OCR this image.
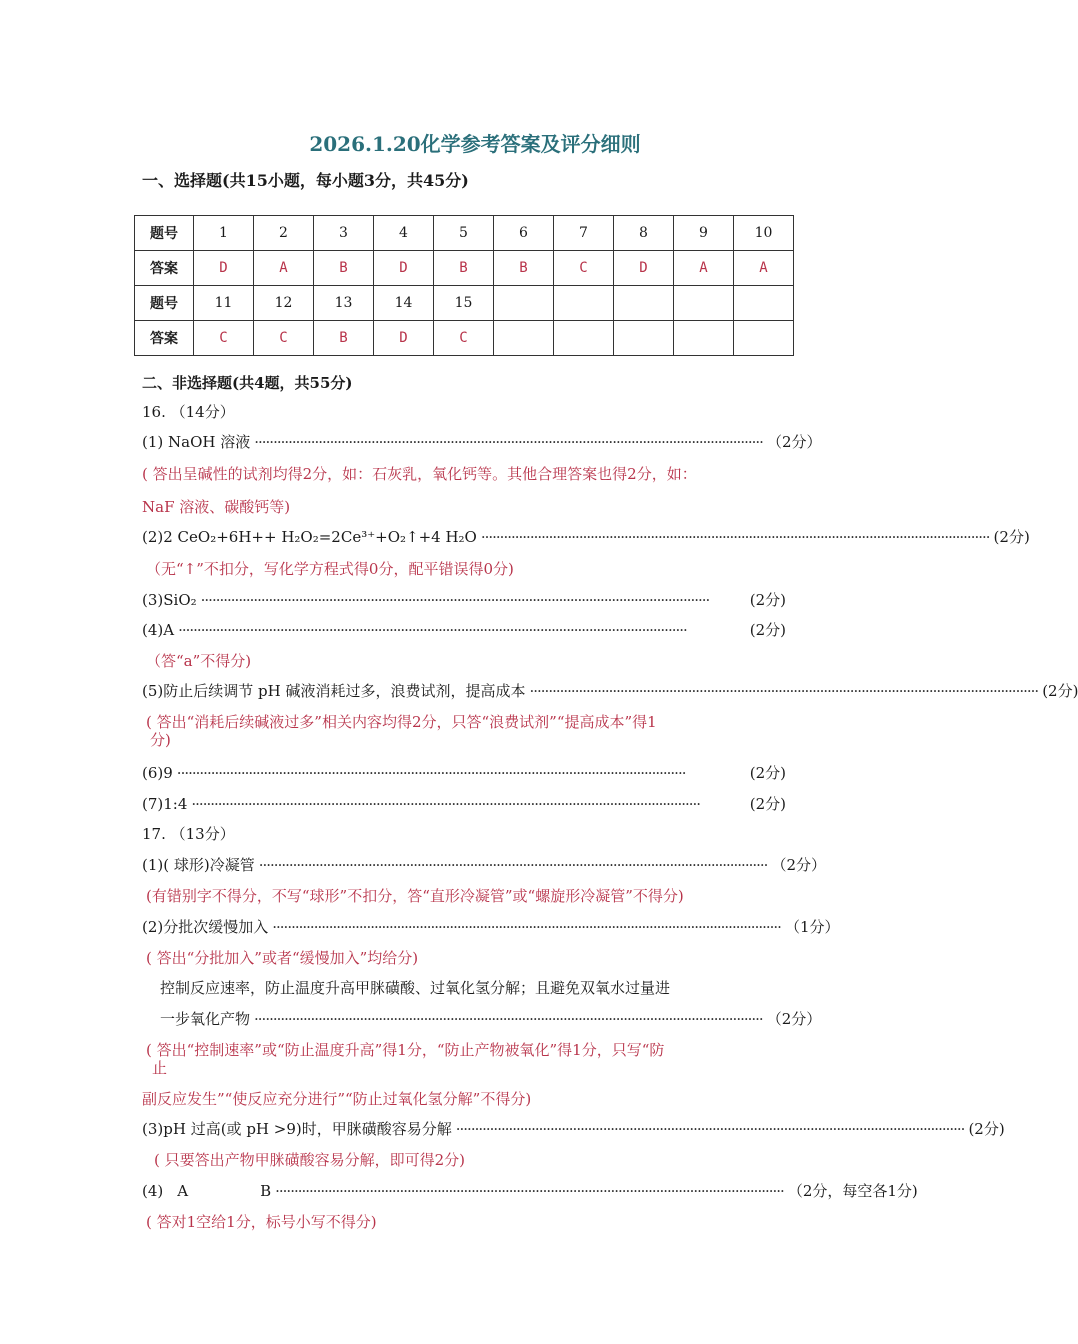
2026.1.20化学参考答案及评分细则
一、选择题(共15小题，每小题3分，共45分)
题号	1	2	3	4	5	6	7	8	9	10
答案	D	A	B	D	B	B	C	D	A	A
题号	11	12	13	14	15					
答案	C	C	B	D	C					
二、非选择题(共4题，共55分)
16. （14分）
(1) NaOH 溶液 ······································································································································· （2分）
( 答出呈碱性的试剂均得2分，如：石灰乳，氧化钙等。其他合理答案也得2分，如：
NaF 溶液、碳酸钙等)
(2)2 CeO₂+6H++ H₂O₂=2Ce³⁺+O₂↑+4 H₂O ······································································································································· (2分)
（无“↑”不扣分，写化学方程式得0分，配平错误得0分)
(3)SiO₂ ·······································································································································	(2分)
(4)A ·······································································································································	(2分)
（答“a”不得分)
(5)防止后续调节 pH 碱液消耗过多，浪费试剂，提高成本 ······································································································································· (2分)
( 答出“消耗后续碱液过多”相关内容均得2分，只答“浪费试剂”“提高成本”得1
分)
(6)9 ·······································································································································	(2分)
(7)1:4 ·······································································································································	(2分)
17. （13分）
(1)( 球形)冷凝管 ······································································································································· （2分）
(有错别字不得分，不写“球形”不扣分，答“直形冷凝管”或“螺旋形冷凝管”不得分)
(2)分批次缓慢加入 ······································································································································· （1分）
( 答出“分批加入”或者“缓慢加入”均给分)
控制反应速率，防止温度升高甲脒磺酸、过氧化氢分解；且避免双氧水过量进
一步氧化产物 ······································································································································· （2分）
( 答出“控制速率”或“防止温度升高”得1分，“防止产物被氧化”得1分，只写“防
止
副反应发生”“使反应充分进行”“防止过氧化氢分解”不得分)
(3)pH 过高(或 pH >9)时，甲脒磺酸容易分解 ······································································································································· (2分)
( 只要答出产物甲脒磺酸容易分解，即可得2分)
(4) A	B ······································································································································· （2分，每空各1分)
( 答对1空给1分，标号小写不得分)
